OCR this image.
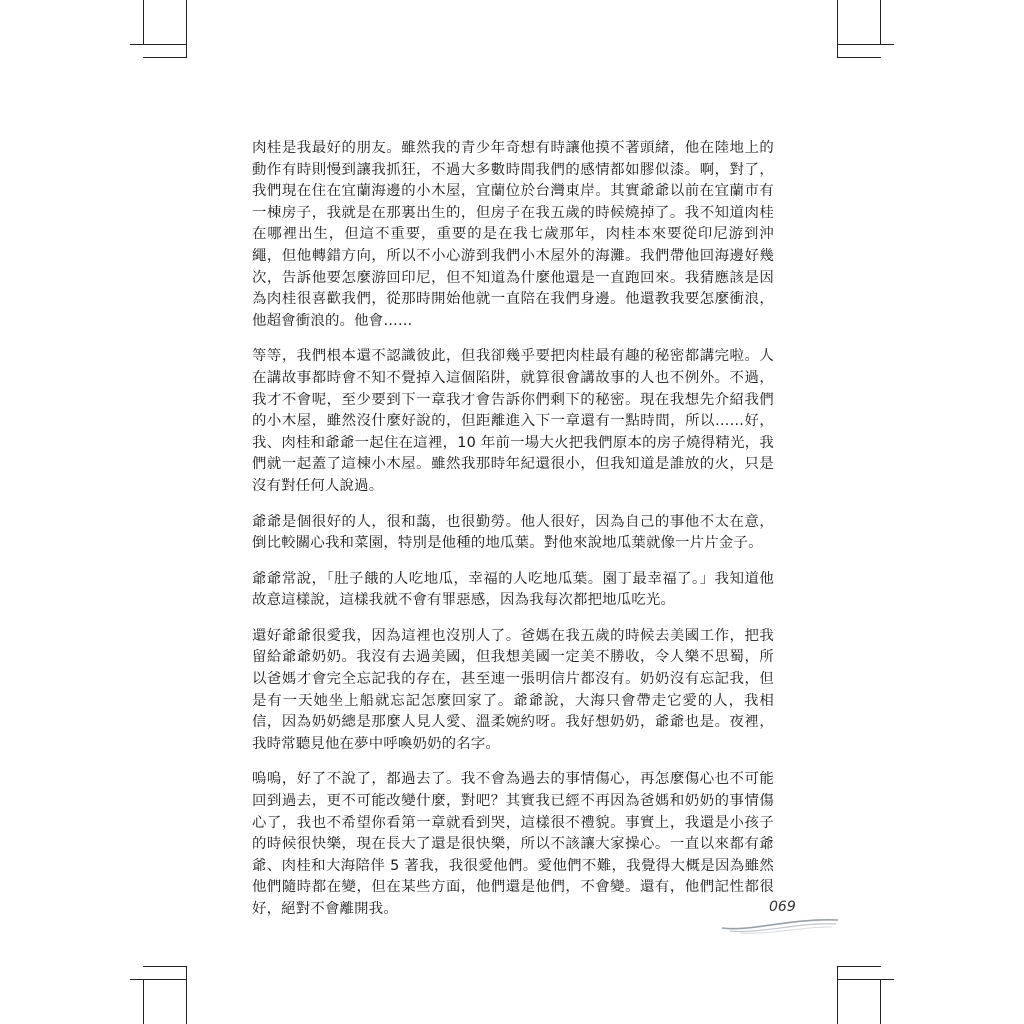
肉桂是我最好的朋友。雖然我的青少年奇想有時讓他摸不著頭緒，他在陸地上的動作有時則慢到讓我抓狂，不過大多數時間我們的感情都如膠似漆。啊，對了，我們現在住在宜蘭海邊的小木屋，宜蘭位於台灣東岸。其實爺爺以前在宜蘭市有一棟房子，我就是在那裏出生的，但房子在我五歲的時候燒掉了。我不知道肉桂在哪裡出生，但這不重要，重要的是在我七歲那年，肉桂本來要從印尼游到沖繩，但他轉錯方向，所以不小心游到我們小木屋外的海灘。我們帶他回海邊好幾次，告訴他要怎麼游回印尼，但不知道為什麼他還是一直跑回來。我猜應該是因為肉桂很喜歡我們，從那時開始他就一直陪在我們身邊。他還教我要怎麼衝浪，他超會衝浪的。他會……

等等，我們根本還不認識彼此，但我卻幾乎要把肉桂最有趣的秘密都講完啦。人在講故事都時會不知不覺掉入這個陷阱，就算很會講故事的人也不例外。不過，我才不會呢，至少要到下一章我才會告訴你們剩下的秘密。現在我想先介紹我們的小木屋，雖然沒什麼好說的，但距離進入下一章還有一點時間，所以……好，我、肉桂和爺爺一起住在這裡，10 年前一場大火把我們原本的房子燒得精光，我們就一起蓋了這棟小木屋。雖然我那時年紀還很小，但我知道是誰放的火，只是沒有對任何人說過。

爺爺是個很好的人，很和藹，也很勤勞。他人很好，因為自己的事他不太在意，倒比較關心我和菜園，特別是他種的地瓜葉。對他來說地瓜葉就像一片片金子。

爺爺常說，「肚子餓的人吃地瓜，幸福的人吃地瓜葉。園丁最幸福了。」我知道他故意這樣說，這樣我就不會有罪惡感，因為我每次都把地瓜吃光。

還好爺爺很愛我，因為這裡也沒別人了。爸媽在我五歲的時候去美國工作，把我留給爺爺奶奶。我沒有去過美國，但我想美國一定美不勝收，令人樂不思蜀，所以爸媽才會完全忘記我的存在，甚至連一張明信片都沒有。奶奶沒有忘記我，但是有一天她坐上船就忘記怎麼回家了。爺爺說，大海只會帶走它愛的人，我相信，因為奶奶總是那麼人見人愛、溫柔婉約呀。我好想奶奶，爺爺也是。夜裡，我時常聽見他在夢中呼喚奶奶的名字。

嗚嗚，好了不說了，都過去了。我不會為過去的事情傷心，再怎麼傷心也不可能回到過去，更不可能改變什麼，對吧？其實我已經不再因為爸媽和奶奶的事情傷心了，我也不希望你看第一章就看到哭，這樣很不禮貌。事實上，我還是小孩子的時候很快樂，現在長大了還是很快樂，所以不該讓大家操心。一直以來都有爺爺、肉桂和大海陪伴 5 著我，我很愛他們。愛他們不難，我覺得大概是因為雖然他們隨時都在變，但在某些方面，他們還是他們，不會變。還有，他們記性都很好，絕對不會離開我。	069
